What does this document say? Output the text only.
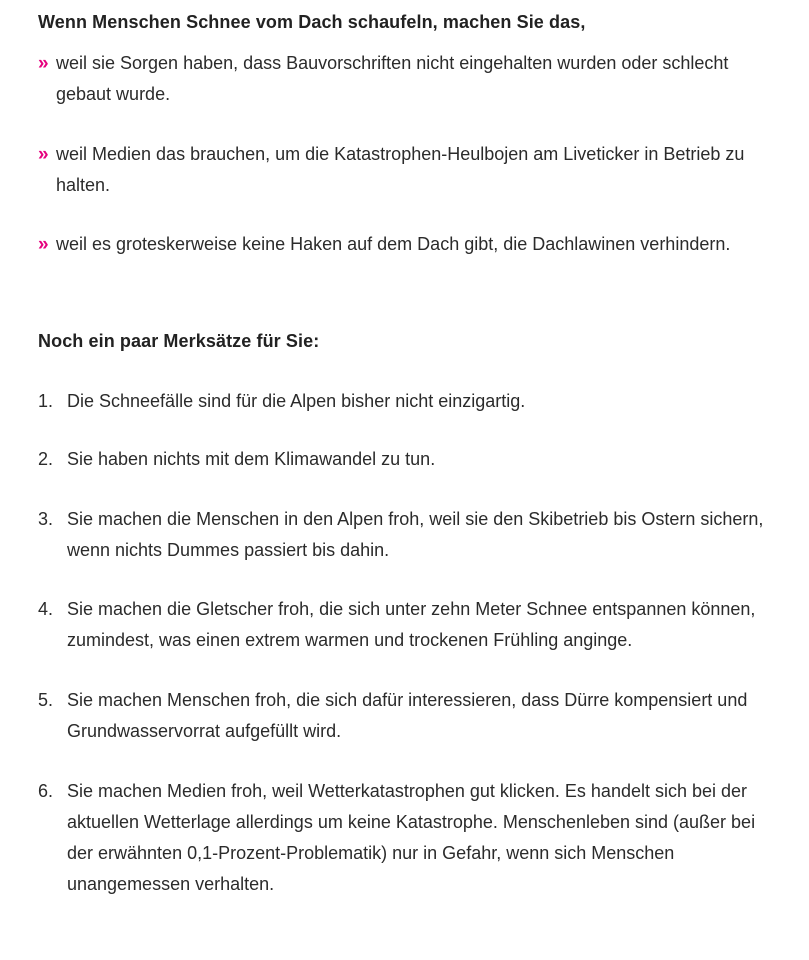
Wenn Menschen Schnee vom Dach schaufeln, machen Sie das,
» weil sie Sorgen haben, dass Bauvorschriften nicht eingehalten wurden oder schlecht gebaut wurde.
» weil Medien das brauchen, um die Katastrophen-Heulbojen am Liveticker in Betrieb zu halten.
» weil es groteskerweise keine Haken auf dem Dach gibt, die Dachlawinen verhindern.
Noch ein paar Merksätze für Sie:
1. Die Schneefälle sind für die Alpen bisher nicht einzigartig.
2. Sie haben nichts mit dem Klimawandel zu tun.
3. Sie machen die Menschen in den Alpen froh, weil sie den Skibetrieb bis Ostern sichern, wenn nichts Dummes passiert bis dahin.
4. Sie machen die Gletscher froh, die sich unter zehn Meter Schnee entspannen können, zumindest, was einen extrem warmen und trockenen Frühling anginge.
5. Sie machen Menschen froh, die sich dafür interessieren, dass Dürre kompensiert und Grundwasservorrat aufgefüllt wird.
6. Sie machen Medien froh, weil Wetterkatastrophen gut klicken. Es handelt sich bei der aktuellen Wetterlage allerdings um keine Katastrophe. Menschenleben sind (außer bei der erwähnten 0,1-Prozent-Problematik) nur in Gefahr, wenn sich Menschen unangemessen verhalten.
